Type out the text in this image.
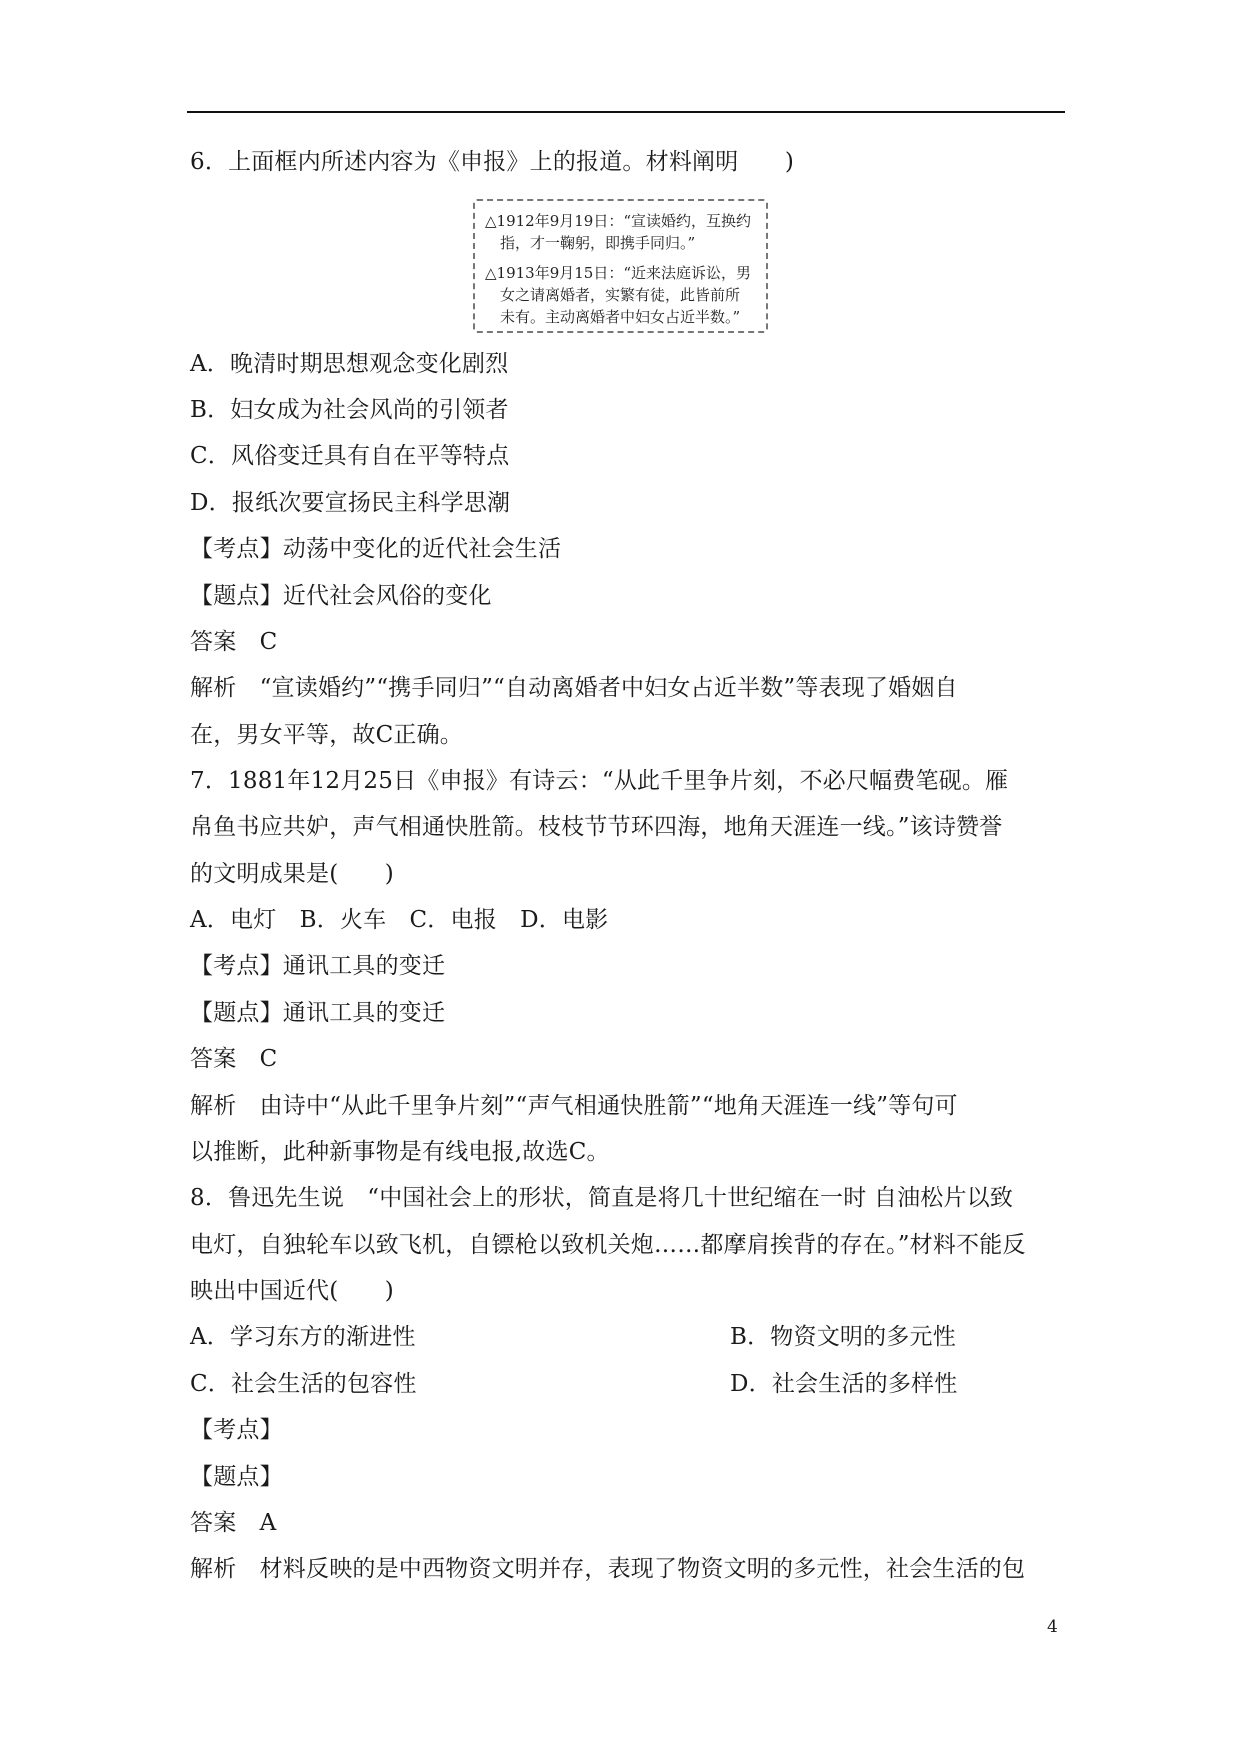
6．上面框内所述内容为《申报》上的报道。材料阐明　　)
△1912年9月19日：“宣读婚约，互换约
指，才一鞠躬，即携手同归。”
△1913年9月15日：“近来法庭诉讼，男
女之请离婚者，实繁有徒，此皆前所
未有。主动离婚者中妇女占近半数。”
A．晚清时期思想观念变化剧烈
B．妇女成为社会风尚的引领者
C．风俗变迁具有自在平等特点
D．报纸次要宣扬民主科学思潮
【考点】动荡中变化的近代社会生活
【题点】近代社会风俗的变化
答案　C
解析　“宣读婚约”“携手同归”“自动离婚者中妇女占近半数”等表现了婚姻自
在，男女平等，故C正确。
7．1881年12月25日《申报》有诗云：“从此千里争片刻，不必尺幅费笔砚。雁
帛鱼书应共妒，声气相通快胜箭。枝枝节节环四海，地角天涯连一线。”该诗赞誉
的文明成果是(　　)
A．电灯　B．火车　C．电报　D．电影
【考点】通讯工具的变迁
【题点】通讯工具的变迁
答案　C
解析　由诗中“从此千里争片刻”“声气相通快胜箭”“地角天涯连一线”等句可
以推断，此种新事物是有线电报,故选C。
8．鲁迅先生说　“中国社会上的形状，简直是将几十世纪缩在一时 自油松片以致
电灯，自独轮车以致飞机，自镖枪以致机关炮……都摩肩挨背的存在。”材料不能反
映出中国近代(　　)
A．学习东方的渐进性	B．物资文明的多元性
C．社会生活的包容性	D．社会生活的多样性
【考点】
【题点】
答案　A
解析　材料反映的是中西物资文明并存，表现了物资文明的多元性，社会生活的包
4
